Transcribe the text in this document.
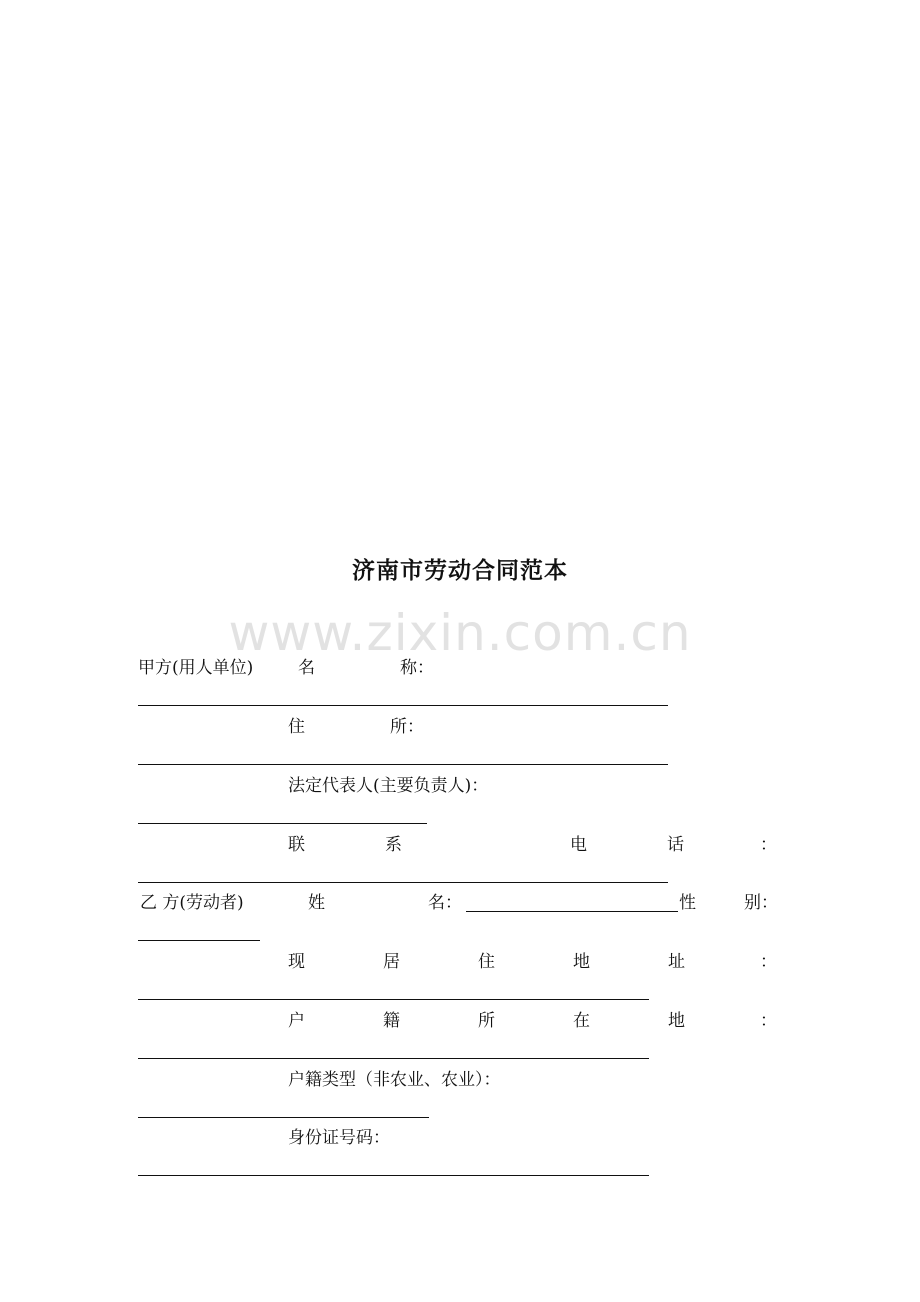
济南市劳动合同范本
www.zixin.com.cn
甲方(用人单位)	名	称：
住	所：
法定代表人(主要负责人)：
联	系	电	话	：
乙 方(劳动者)	姓	名：	性	别：
现	居	住	地	址	：
户	籍	所	在	地	：
户籍类型（非农业、农业）：
身份证号码：
